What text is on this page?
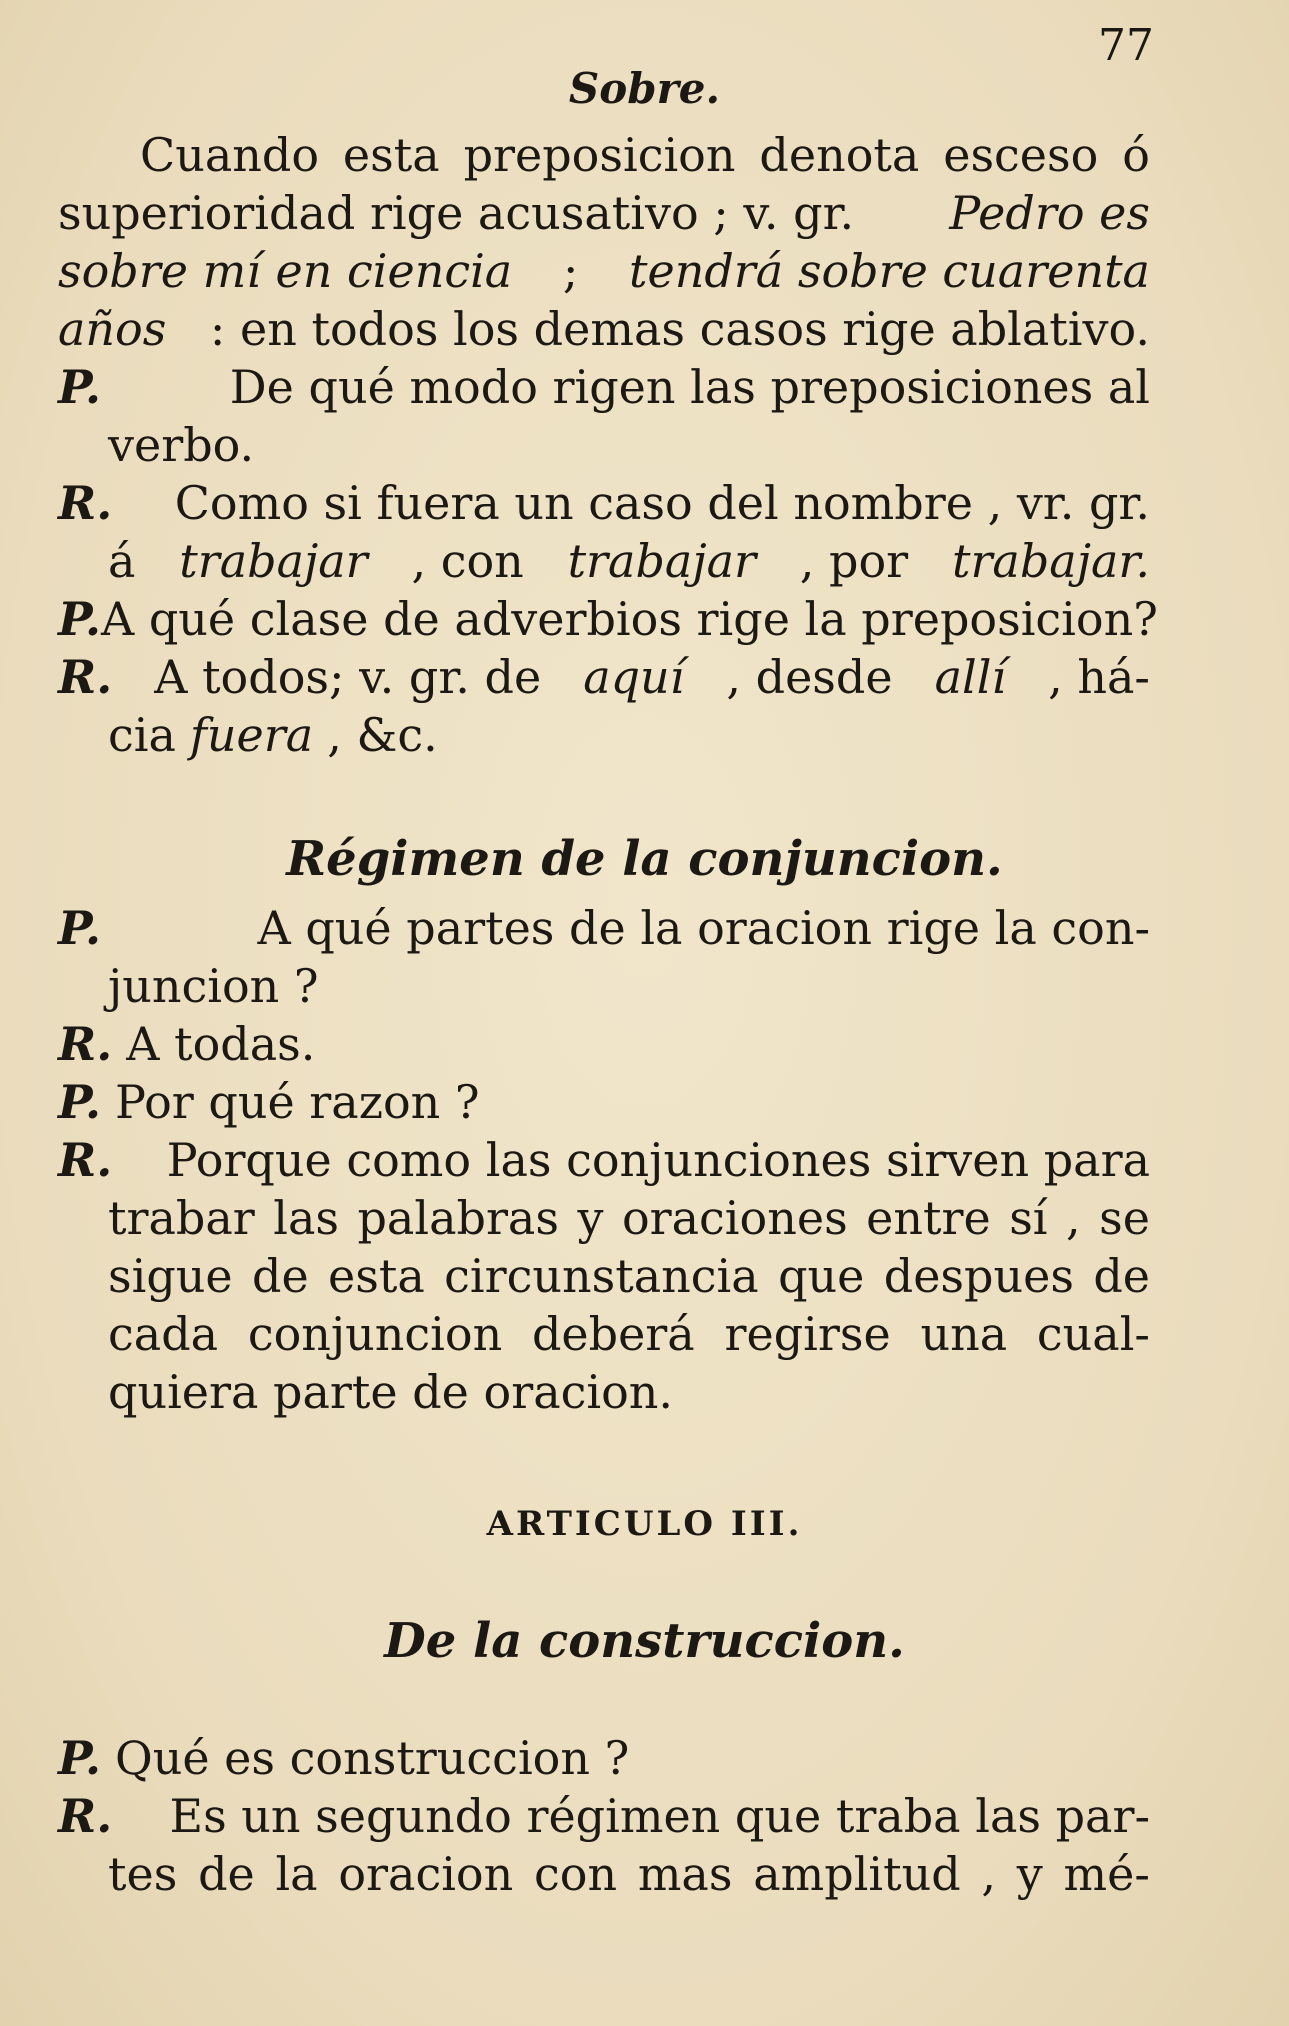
77
Sobre.
Cuando esta preposicion denota esceso ó
superioridad rige acusativo ; v. gr. Pedro es
sobre mí en ciencia ; tendrá sobre cuarenta
años : en todos los demas casos rige ablativo.
P.	De qué modo rigen las preposiciones al
verbo.
R. Como si fuera un caso del nombre , vr. gr.
á trabajar , con trabajar , por trabajar.
P. A qué clase de adverbios rige la preposicion?
R. A todos; v. gr. de aquí , desde allí , há-
cia fuera , &c.
Régimen de la conjuncion.
P.	A qué partes de la oracion rige la con-
juncion ?
R. A todas.
P. Por qué razon ?
R. Porque como las conjunciones sirven para
trabar las palabras y oraciones entre sí , se
sigue de esta circunstancia que despues de
cada conjuncion deberá regirse una cual-
quiera parte de oracion.
ARTICULO III.
De la construccion.
P. Qué es construccion ?
R. Es un segundo régimen que traba las par-
tes de la oracion con mas amplitud , y mé-
